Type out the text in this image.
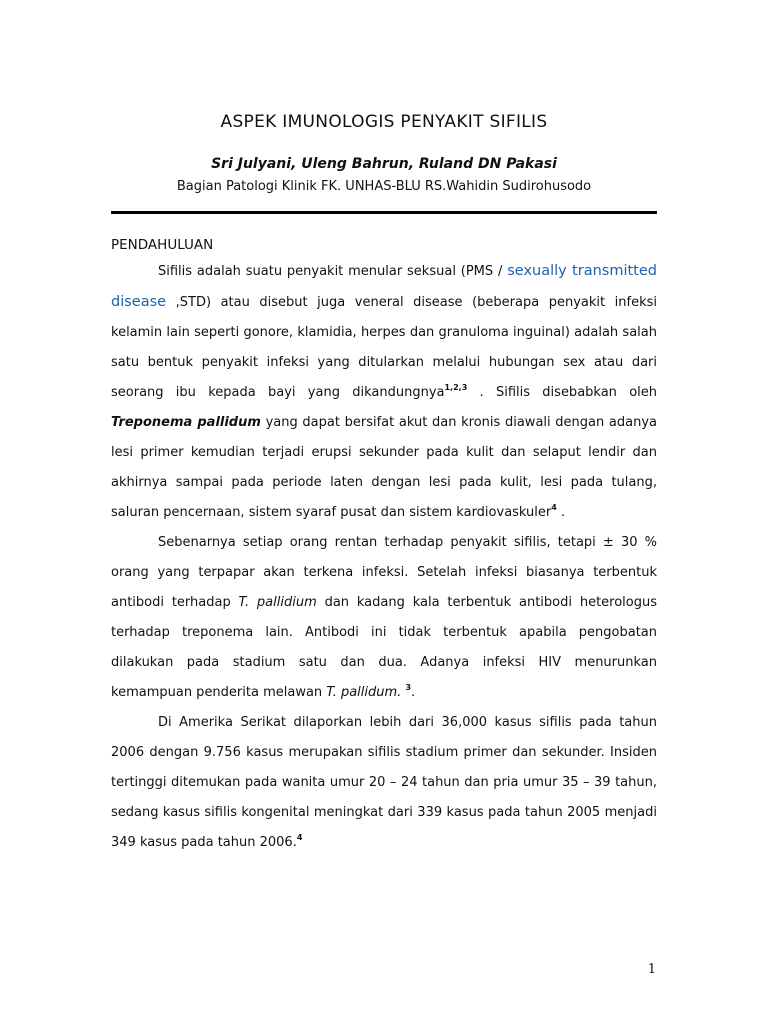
ASPEK IMUNOLOGIS PENYAKIT SIFILIS
Sri Julyani, Uleng Bahrun, Ruland DN Pakasi
Bagian Patologi Klinik FK. UNHAS-BLU RS.Wahidin Sudirohusodo
PENDAHULUAN

Sifilis adalah suatu penyakit menular seksual (PMS / sexually transmitted disease ,STD) atau disebut juga veneral disease (beberapa penyakit infeksi kelamin lain seperti gonore, klamidia, herpes dan granuloma inguinal) adalah salah satu bentuk penyakit infeksi yang ditularkan melalui hubungan sex atau dari seorang ibu kepada bayi yang dikandungnya$^{1,2,3}$ . Sifilis disebabkan oleh Treponema pallidum yang dapat bersifat akut dan kronis diawali dengan adanya lesi primer kemudian terjadi erupsi sekunder pada kulit dan selaput lendir dan akhirnya sampai pada periode laten dengan lesi pada kulit, lesi pada tulang, saluran pencernaan, sistem syaraf pusat dan sistem kardiovaskuler$^4$ .

Sebenarnya setiap orang rentan terhadap penyakit sifilis, tetapi ± 30 % orang yang terpapar akan terkena infeksi. Setelah infeksi biasanya terbentuk antibodi terhadap T. pallidium dan kadang kala terbentuk antibodi heterologus terhadap treponema lain. Antibodi ini tidak terbentuk apabila pengobatan dilakukan pada stadium satu dan dua. Adanya infeksi HIV menurunkan kemampuan penderita melawan T. pallidum. $^3$.

Di Amerika Serikat dilaporkan lebih dari 36,000 kasus sifilis pada tahun 2006 dengan 9.756 kasus merupakan sifilis stadium primer dan sekunder. Insiden tertinggi ditemukan pada wanita umur 20 – 24 tahun dan pria umur 35 – 39 tahun, sedang kasus sifilis kongenital meningkat dari 339 kasus pada tahun 2005 menjadi 349 kasus pada tahun 2006.$^4$

1
